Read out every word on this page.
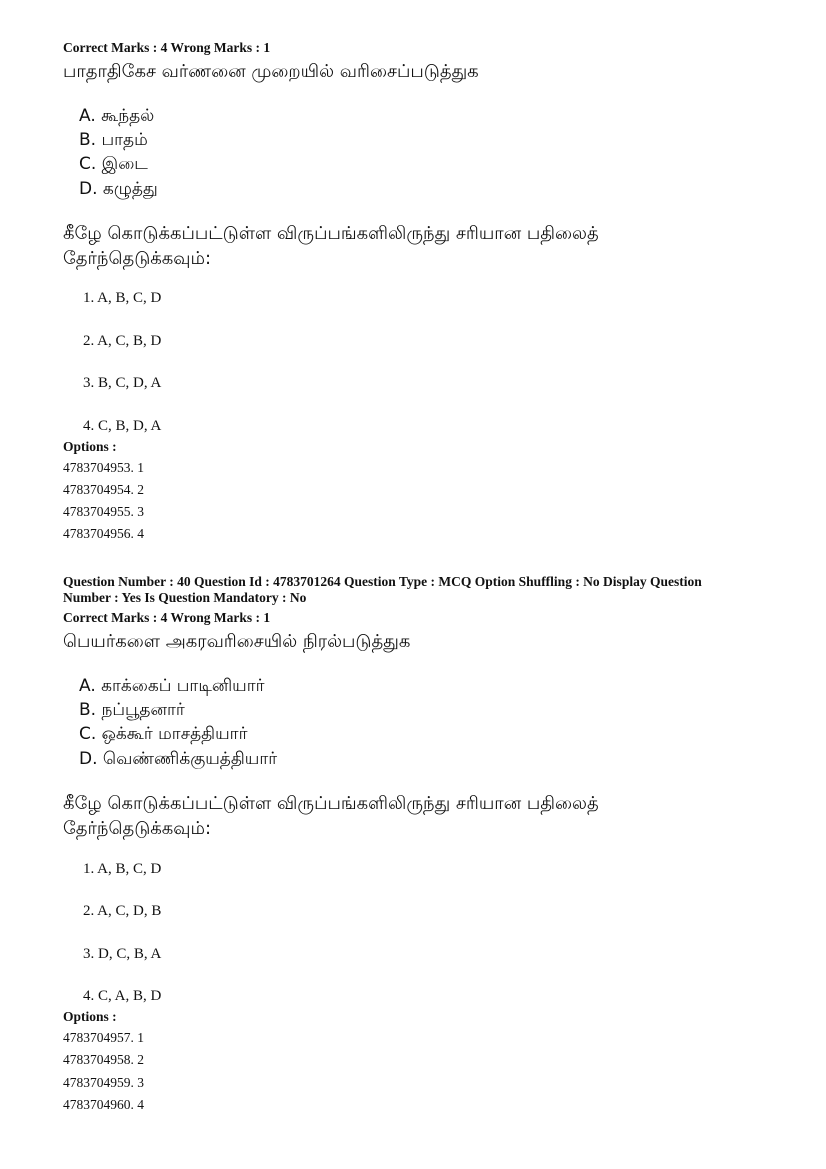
Correct Marks : 4 Wrong Marks : 1
பாதாதிகேச வர்ணனை முறையில் வரிசைப்படுத்துக
A. கூந்தல்
B. பாதம்
C. இடை
D. கழுத்து
கீழே கொடுக்கப்பட்டுள்ள விருப்பங்களிலிருந்து சரியான பதிலைத்
தேர்ந்தெடுக்கவும்:
1. A, B, C, D
2. A, C, B, D
3. B, C, D, A
4. C, B, D, A
Options :
4783704953. 1
4783704954. 2
4783704955. 3
4783704956. 4
Question Number : 40 Question Id : 4783701264 Question Type : MCQ Option Shuffling : No Display Question
Number : Yes Is Question Mandatory : No
Correct Marks : 4 Wrong Marks : 1
பெயர்களை அகரவரிசையில் நிரல்படுத்துக
A. காக்கைப் பாடினியார்
B. நப்பூதனார்
C. ஒக்கூர் மாசத்தியார்
D. வெண்ணிக்குயத்தியார்
கீழே கொடுக்கப்பட்டுள்ள விருப்பங்களிலிருந்து சரியான பதிலைத்
தேர்ந்தெடுக்கவும்:
1. A, B, C, D
2. A, C, D, B
3. D, C, B, A
4. C, A, B, D
Options :
4783704957. 1
4783704958. 2
4783704959. 3
4783704960. 4
